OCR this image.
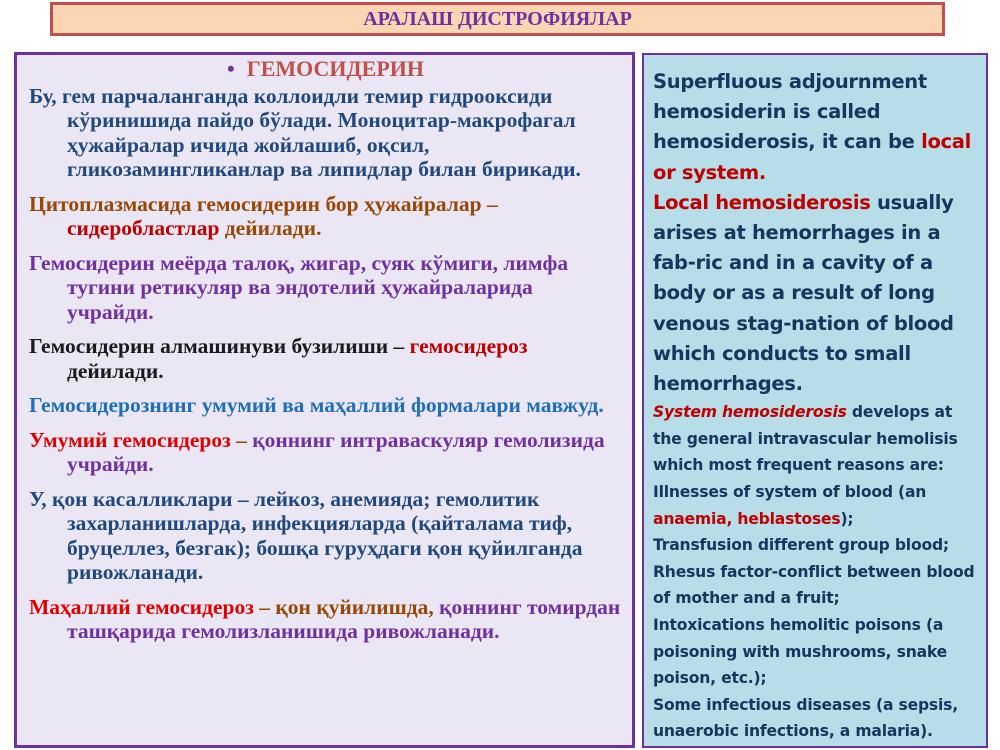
АРАЛАШ ДИСТРОФИЯЛАР
• ГЕМОСИДЕРИН
Бу, гем парчаланганда коллоидли темир гидрооксиди кўринишида пайдо бўлади. Моноцитар-макрофагал ҳужайралар ичида жойлашиб, оқсил, гликозамингликанлар ва липидлар билан бирикади.
Цитоплазмасида гемосидерин бор ҳужайралар – сидеробластлар дейилади.
Гемосидерин меёрда талоқ, жигар, суяк кўмиги, лимфа тугини ретикуляр ва эндотелий ҳужайраларида учрайди.
Гемосидерин алмашинуви бузилиши – гемосидероз дейилади.
Гемосидерознинг умумий ва маҳаллий формалари мавжуд.
Умумий гемосидероз – қоннинг интраваскуляр гемолизида учрайди.
У, қон касалликлари – лейкоз, анемияда; гемолитик захарланишларда, инфекцияларда (қайталама тиф, бруцеллез, безгак); бошқа гуруҳдаги қон қуйилганда ривожланади.
Маҳаллий гемосидероз – қон қуйилишда, қоннинг томирдан ташқарида гемолизланишида ривожланади.
Superfluous adjournment hemosiderin is called hemosiderosis, it can be local or system.
Local hemosiderosis usually arises at hemorrhages in a fab-ric and in a cavity of a body or as a result of long venous stag-nation of blood which conducts to small hemorrhages.
System hemosiderosis develops at the general intravascular hemolisis which most frequent reasons are:
Illnesses of system of blood (an anaemia, heblastoses);
Transfusion different group blood;
Rhesus factor-conflict between blood of mother and a fruit;
Intoxications hemolitic poisons (a poisoning with mushrooms, snake poison, etc.);
Some infectious diseases (a sepsis, unaerobic infections, a malaria).
